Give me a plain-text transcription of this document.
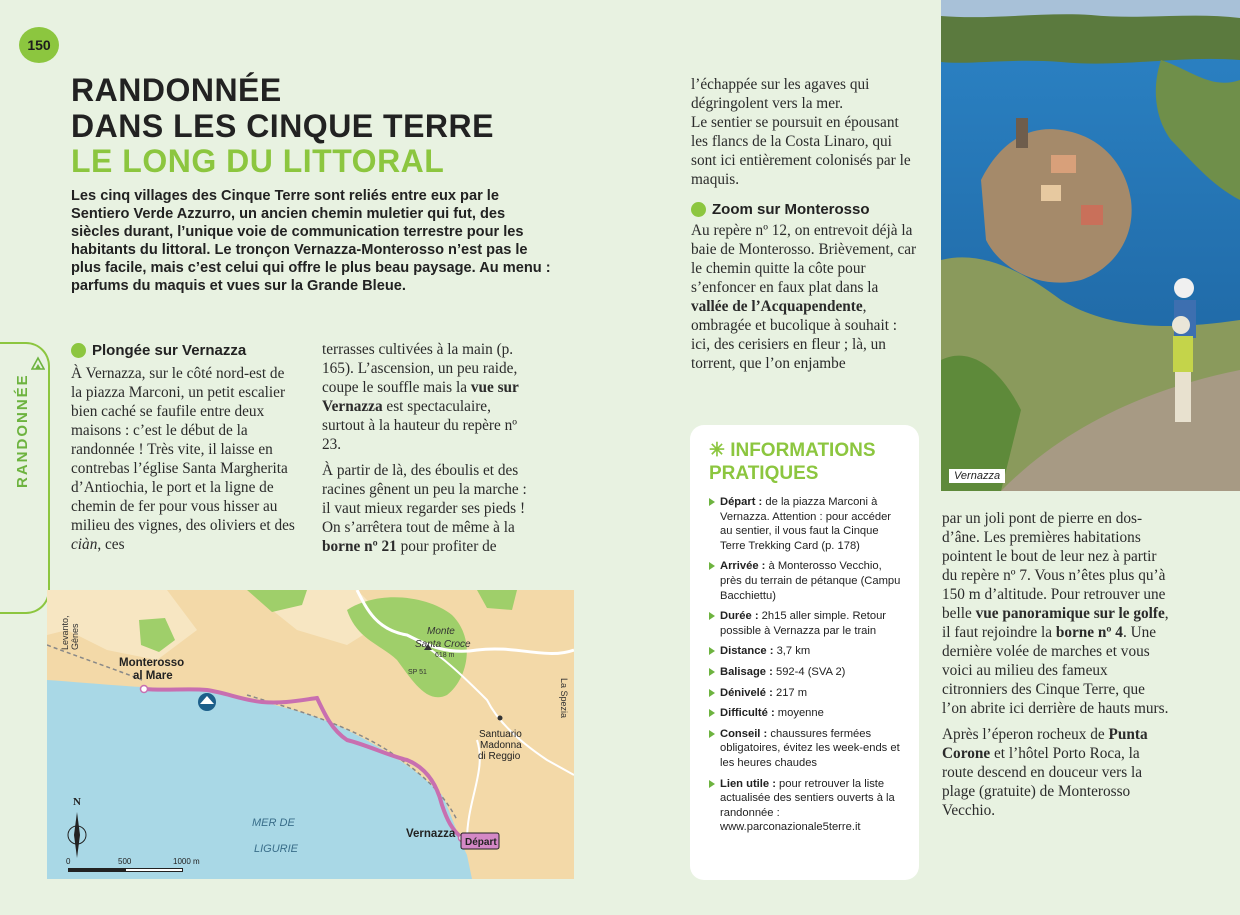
150
RANDONNÉE
DANS LES CINQUE TERRE
LE LONG DU LITTORAL
Les cinq villages des Cinque Terre sont reliés entre eux par le Sentiero Verde Azzurro, un ancien chemin muletier qui fut, des siècles durant, l’unique voie de communication terrestre pour les habitants du littoral. Le tronçon Vernazza-Monterosso n’est pas le plus facile, mais c’est celui qui offre le plus beau paysage. Au menu : parfums du maquis et vues sur la Grande Bleue.
RANDONNÉE
Plongée sur Vernazza

À Vernazza, sur le côté nord-est de la piazza Marconi, un petit escalier bien caché se faufile entre deux maisons : c’est le début de la randonnée ! Très vite, il laisse en contrebas l’église Santa Margherita d’Antiochia, le port et la ligne de chemin de fer pour vous hisser au milieu des vignes, des oliviers et des ciàn, ces

terrasses cultivées à la main (p. 165). L’ascension, un peu raide, coupe le souffle mais la vue sur Vernazza est spectaculaire, surtout à la hauteur du repère nº 23.

À partir de là, des éboulis et des racines gênent un peu la marche : il vaut mieux regarder ses pieds ! On s’arrêtera tout de même à la borne nº 21 pour profiter de

l’échappée sur les agaves qui dégringolent vers la mer.

Le sentier se poursuit en épousant les flancs de la Costa Linaro, qui sont ici entièrement colonisés par le maquis.

Zoom sur Monterosso

Au repère nº 12, on entrevoit déjà la baie de Monterosso. Brièvement, car le chemin quitte la côte pour s’enfoncer en faux plat dans la vallée de l’Acquapendente, ombragée et bucolique à souhait : ici, des cerisiers en fleur ; là, un torrent, que l’on enjambe

par un joli pont de pierre en dos-d’âne. Les premières habitations pointent le bout de leur nez à partir du repère nº 7. Vous n’êtes plus qu’à 150 m d’altitude. Pour retrouver une belle vue panoramique sur le golfe, il faut rejoindre la borne nº 4. Une dernière volée de marches et vous voici au milieu des fameux citronniers des Cinque Terre, que l’on abrite ici derrière de hauts murs.

Après l’éperon rocheux de Punta Corone et l’hôtel Porto Roca, la route descend en douceur vers la plage (gratuite) de Monterosso Vecchio.

✳ INFORMATIONS
PRATIQUES
Départ : de la piazza Marconi à Vernazza. Attention : pour accéder au sentier, il vous faut la Cinque Terre Trekking Card (p. 178)
Arrivée : à Monterosso Vecchio, près du terrain de pétanque (Campu Bacchiettu)
Durée : 2h15 aller simple. Retour possible à Vernazza par le train
Distance : 3,7 km
Balisage : 592-4 (SVA 2)
Dénivelé : 217 m
Difficulté : moyenne
Conseil : chaussures fermées obligatoires, évitez les week-ends et les heures chaudes
Lien utile : pour retrouver la liste actualisée des sentiers ouverts à la randonnée : www.parconazionale5terre.it
Monterosso
al Mare
Vernazza
Départ
Monte
Santa Croce
618 m
SP 51
Santuario
Madonna
di Reggio
MER DE
LIGURIE
Levanto, Gênes
La Spezia
N
0	500	1000 m
Vernazza
